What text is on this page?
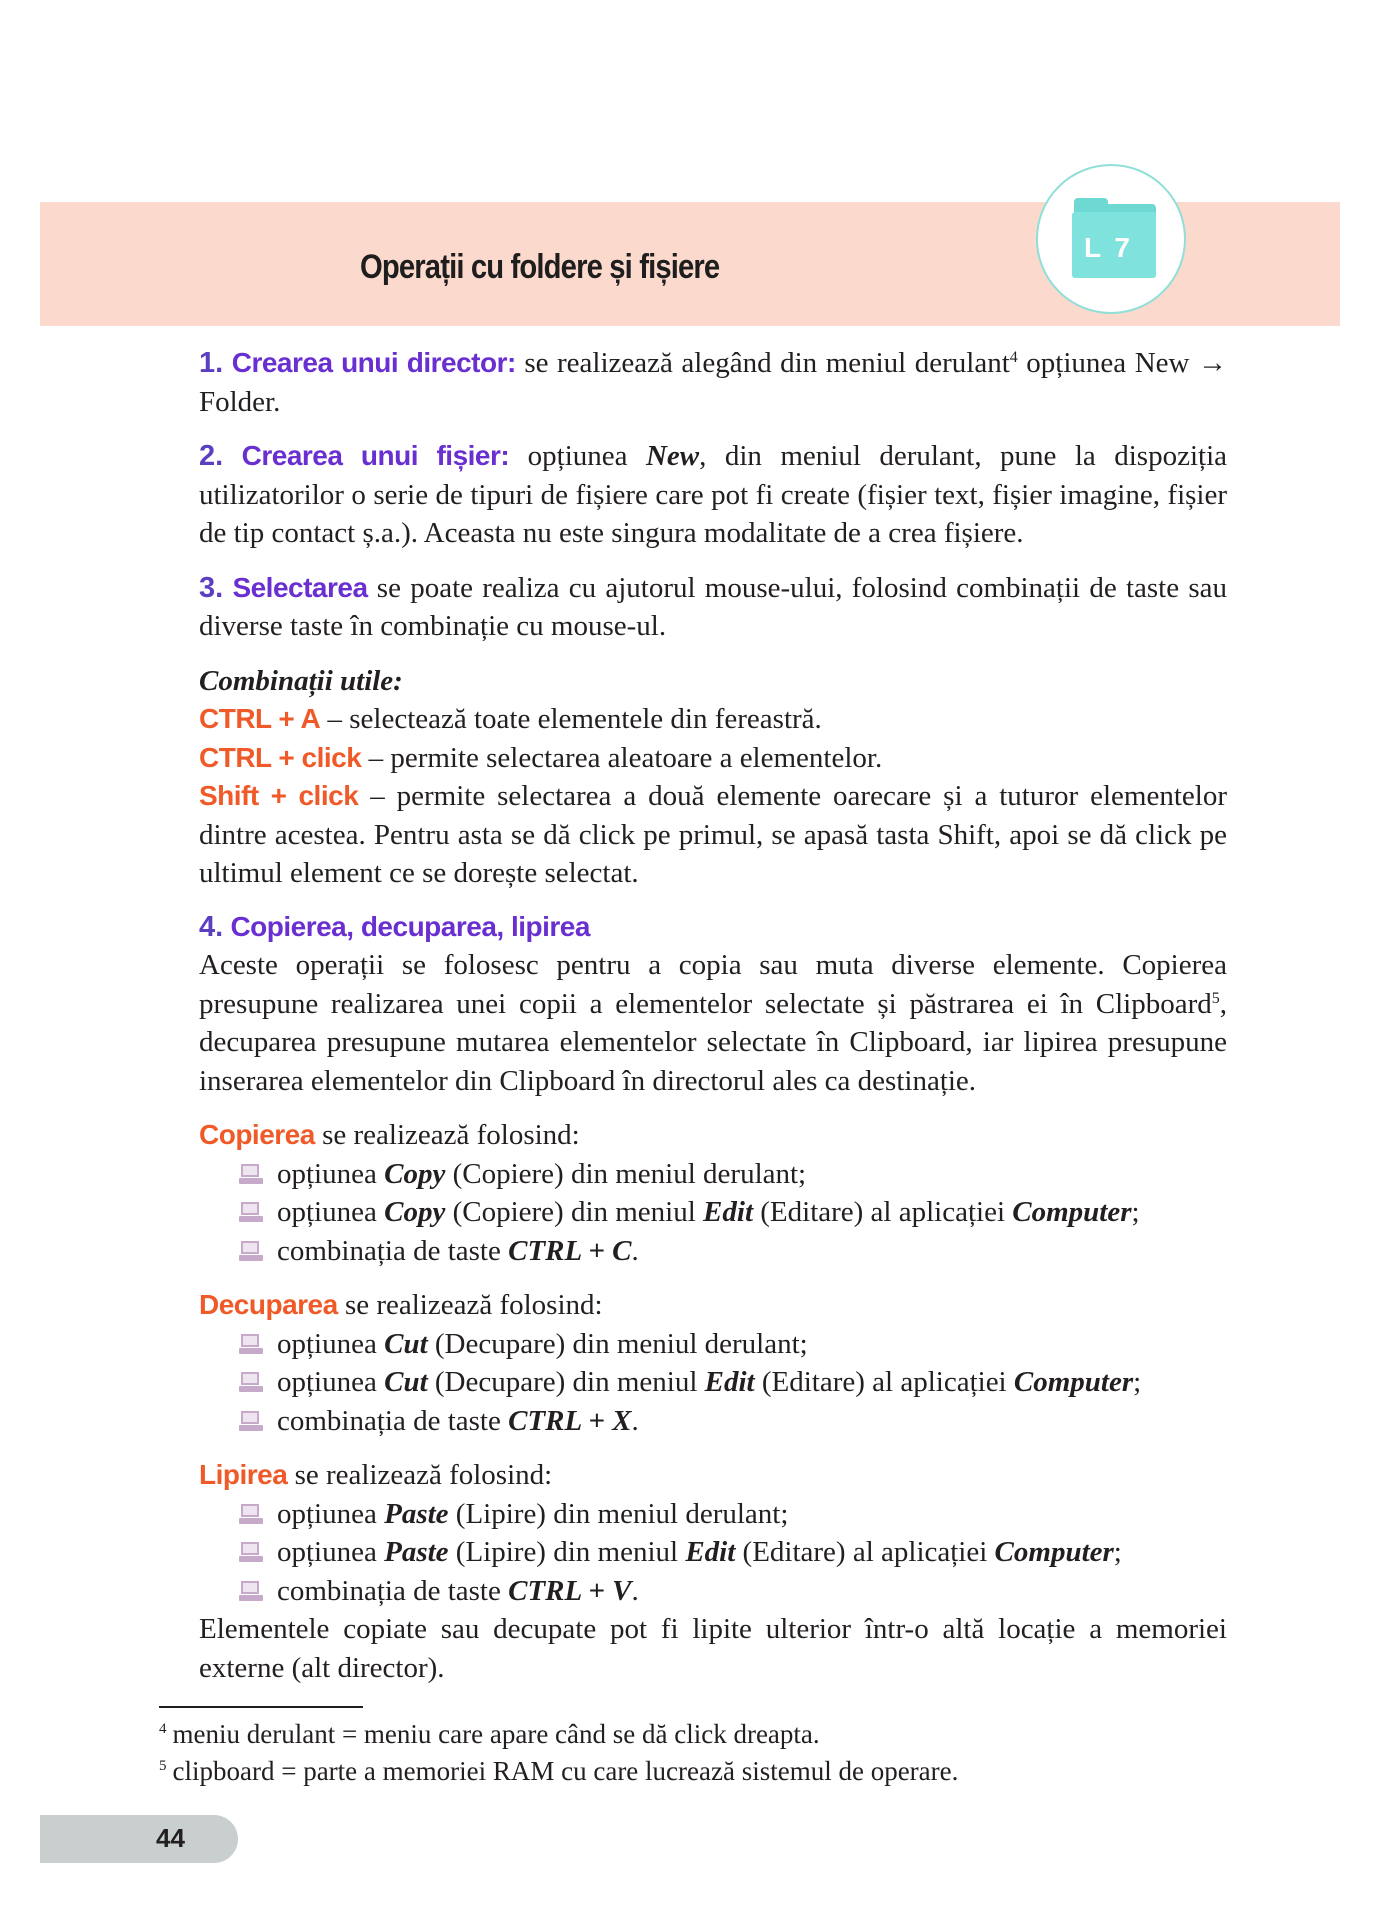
Operații cu foldere și fișiere
L 7

1. Crearea unui director: se realizează alegând din meniul derulant$^4$ opțiunea New → Folder.

2. Crearea unui fișier: opțiunea New, din meniul derulant, pune la dispoziția utilizatorilor o serie de tipuri de fișiere care pot fi create (fișier text, fișier imagine, fișier de tip contact ș.a.). Aceasta nu este singura modalitate de a crea fișiere.

3. Selectarea se poate realiza cu ajutorul mouse-ului, folosind combinații de taste sau diverse taste în combinație cu mouse-ul.

Combinații utile:

CTRL + A – selectează toate elementele din fereastră.

CTRL + click – permite selectarea aleatoare a elementelor.

Shift + click – permite selectarea a două elemente oarecare și a tuturor elementelor dintre acestea. Pentru asta se dă click pe primul, se apasă tasta Shift, apoi se dă click pe ultimul element ce se dorește selectat.

4. Copierea, decuparea, lipirea

Aceste operații se folosesc pentru a copia sau muta diverse elemente. Copierea presupune realizarea unei copii a elementelor selectate și păstrarea ei în Clipboard$^5$, decuparea presupune mutarea elementelor selectate în Clipboard, iar lipirea presupune inserarea elementelor din Clipboard în directorul ales ca destinație.

Copierea se realizează folosind:

opțiunea Copy (Copiere) din meniul derulant;
opțiunea Copy (Copiere) din meniul Edit (Editare) al aplicației Computer;
combinația de taste CTRL + C.

Decuparea se realizează folosind:

opțiunea Cut (Decupare) din meniul derulant;
opțiunea Cut (Decupare) din meniul Edit (Editare) al aplicației Computer;
combinația de taste CTRL + X.

Lipirea se realizează folosind:

opțiunea Paste (Lipire) din meniul derulant;
opțiunea Paste (Lipire) din meniul Edit (Editare) al aplicației Computer;
combinația de taste CTRL + V.

Elementele copiate sau decupate pot fi lipite ulterior într-o altă locație a memoriei externe (alt director).

$^4$ meniu derulant = meniu care apare când se dă click dreapta.
$^5$ clipboard = parte a memoriei RAM cu care lucrează sistemul de operare.
44
